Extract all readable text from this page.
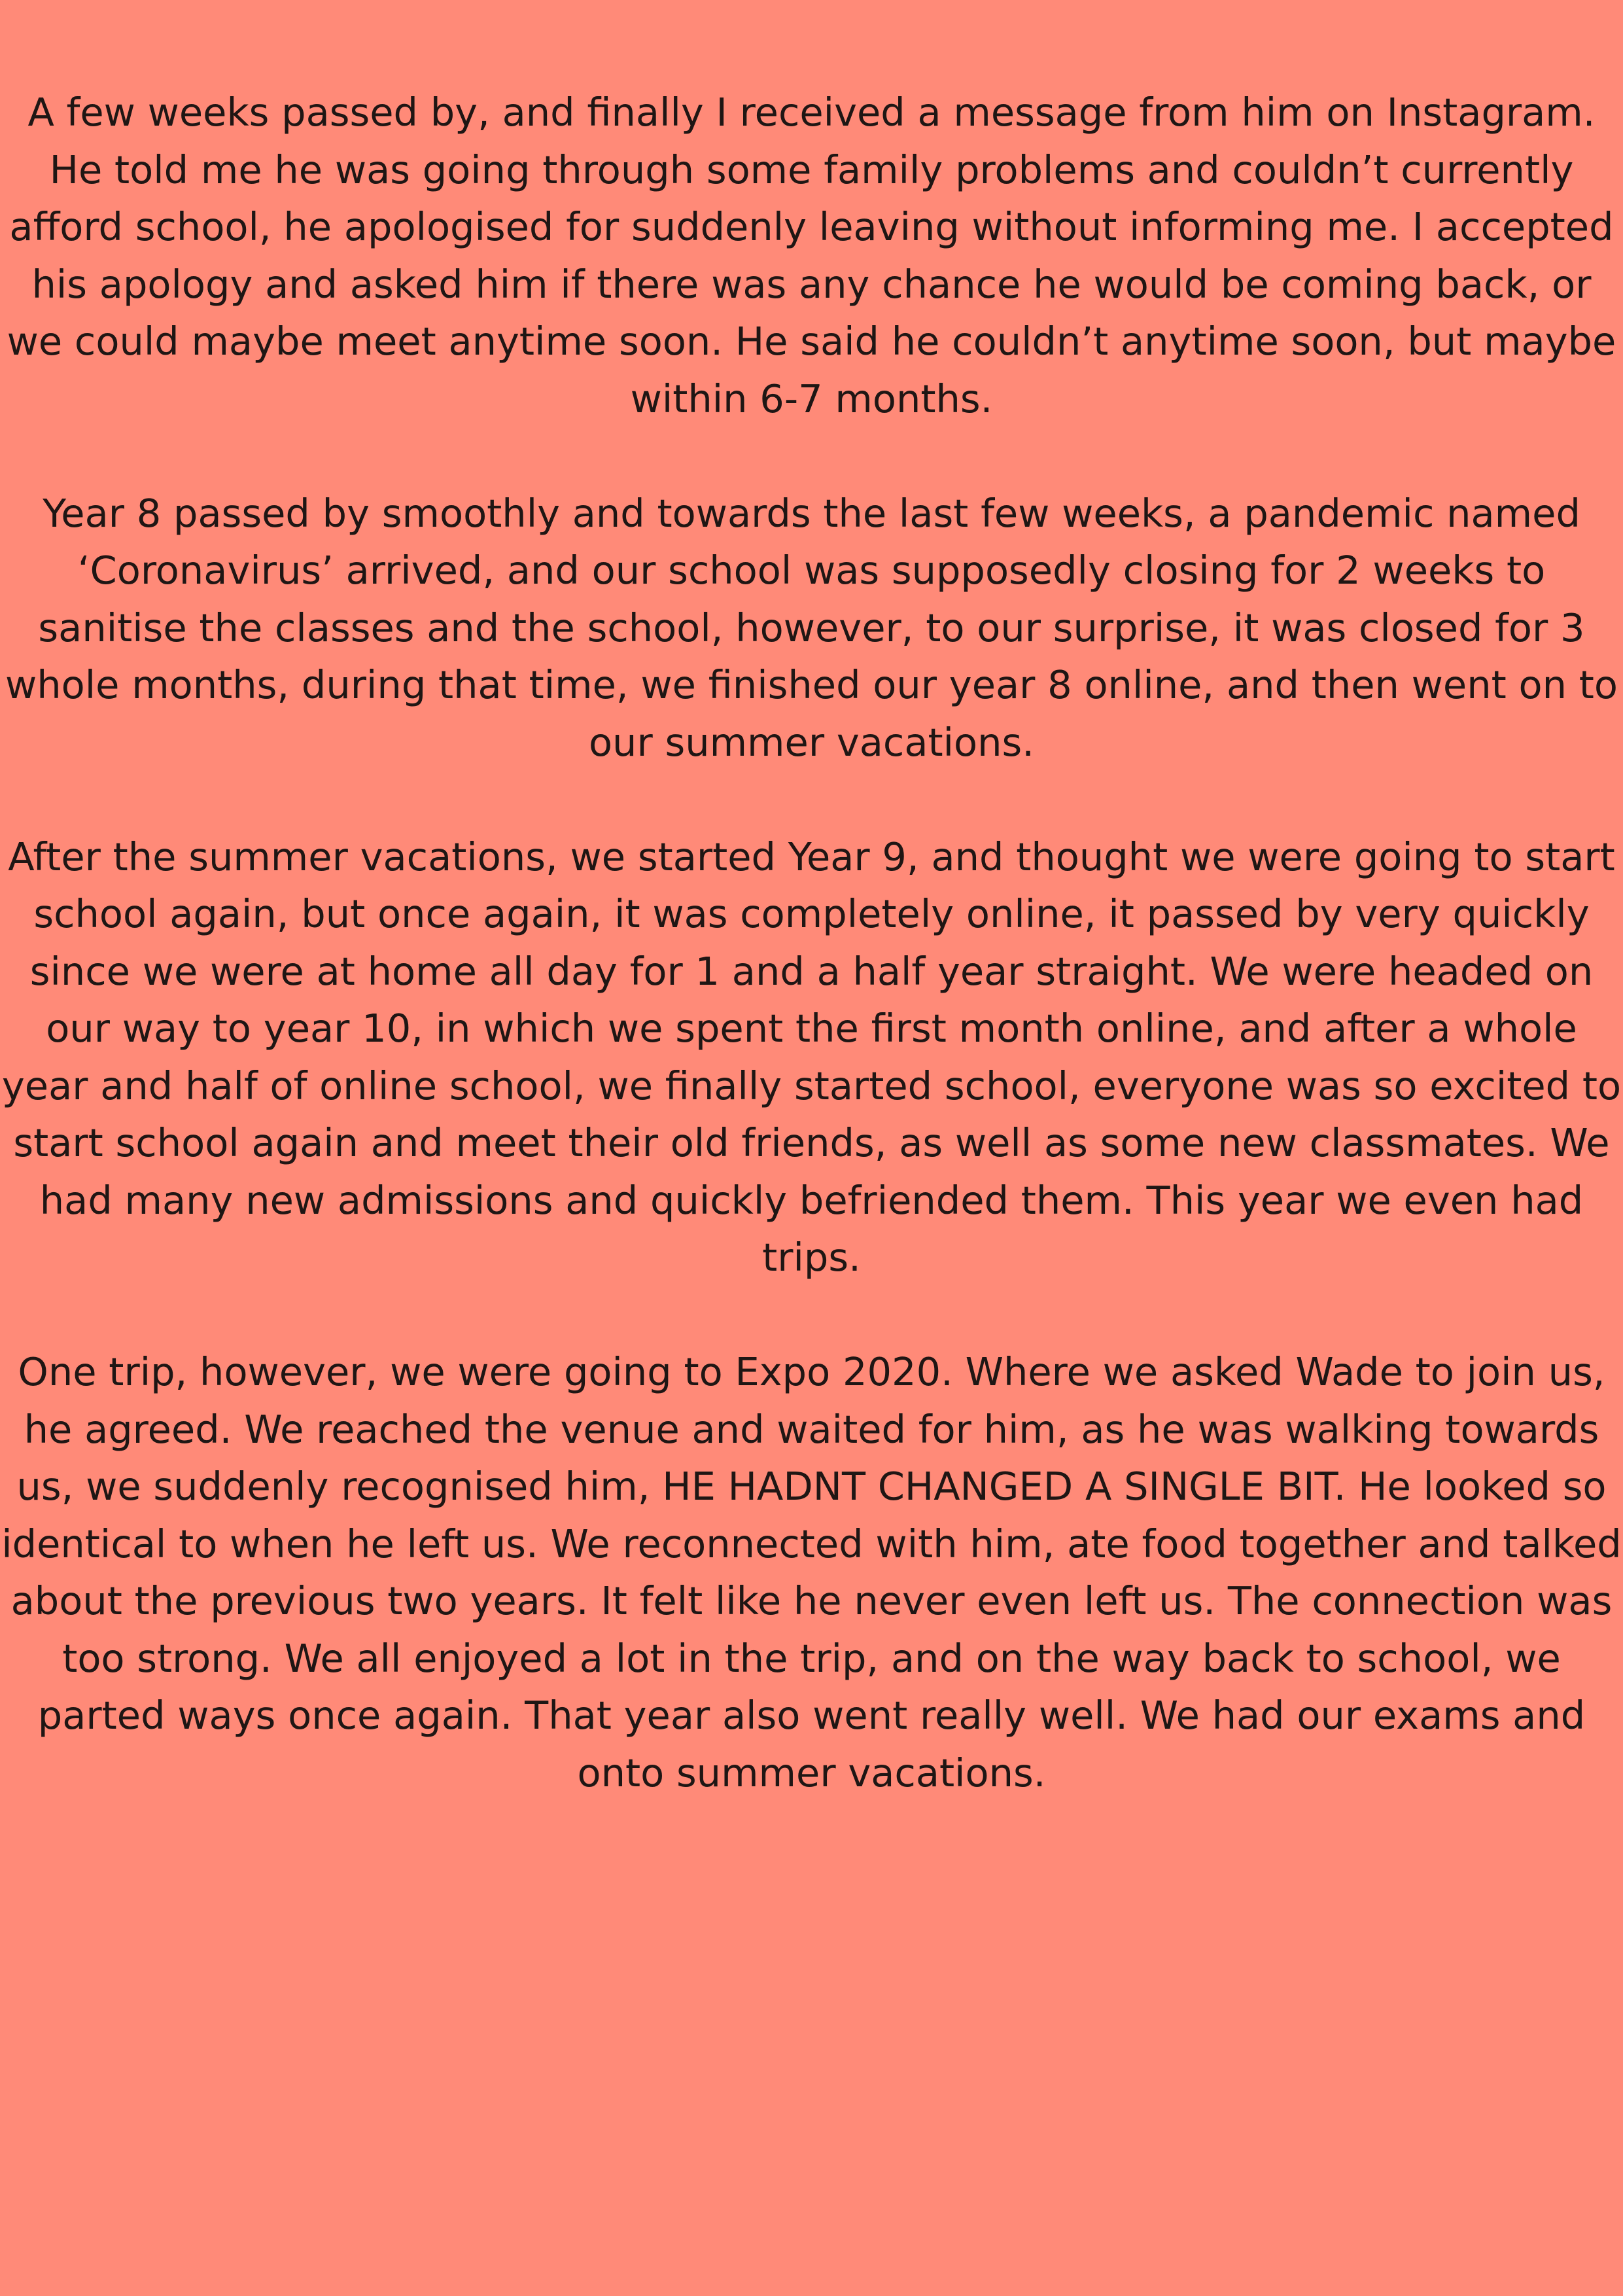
A few weeks passed by, and finally I received a message from him on Instagram. He told me he was going through some family problems and couldn’t currently afford school, he apologised for suddenly leaving without informing me. I accepted his apology and asked him if there was any chance he would be coming back, or we could maybe meet anytime soon. He said he couldn’t anytime soon, but maybe within 6-7 months.

Year 8 passed by smoothly and towards the last few weeks, a pandemic named ‘Coronavirus’ arrived, and our school was supposedly closing for 2 weeks to sanitise the classes and the school, however, to our surprise, it was closed for 3 whole months, during that time, we finished our year 8 online, and then went on to our summer vacations.

After the summer vacations, we started Year 9, and thought we were going to start school again, but once again, it was completely online, it passed by very quickly since we were at home all day for 1 and a half year straight. We were headed on our way to year 10, in which we spent the first month online, and after a whole year and half of online school, we finally started school, everyone was so excited to start school again and meet their old friends, as well as some new classmates. We had many new admissions and quickly befriended them. This year we even had trips.

One trip, however, we were going to Expo 2020. Where we asked Wade to join us, he agreed. We reached the venue and waited for him, as he was walking towards us, we suddenly recognised him, HE HADNT CHANGED A SINGLE BIT. He looked so identical to when he left us. We reconnected with him, ate food together and talked about the previous two years. It felt like he never even left us. The connection was too strong. We all enjoyed a lot in the trip, and on the way back to school, we parted ways once again. That year also went really well. We had our exams and onto summer vacations.
